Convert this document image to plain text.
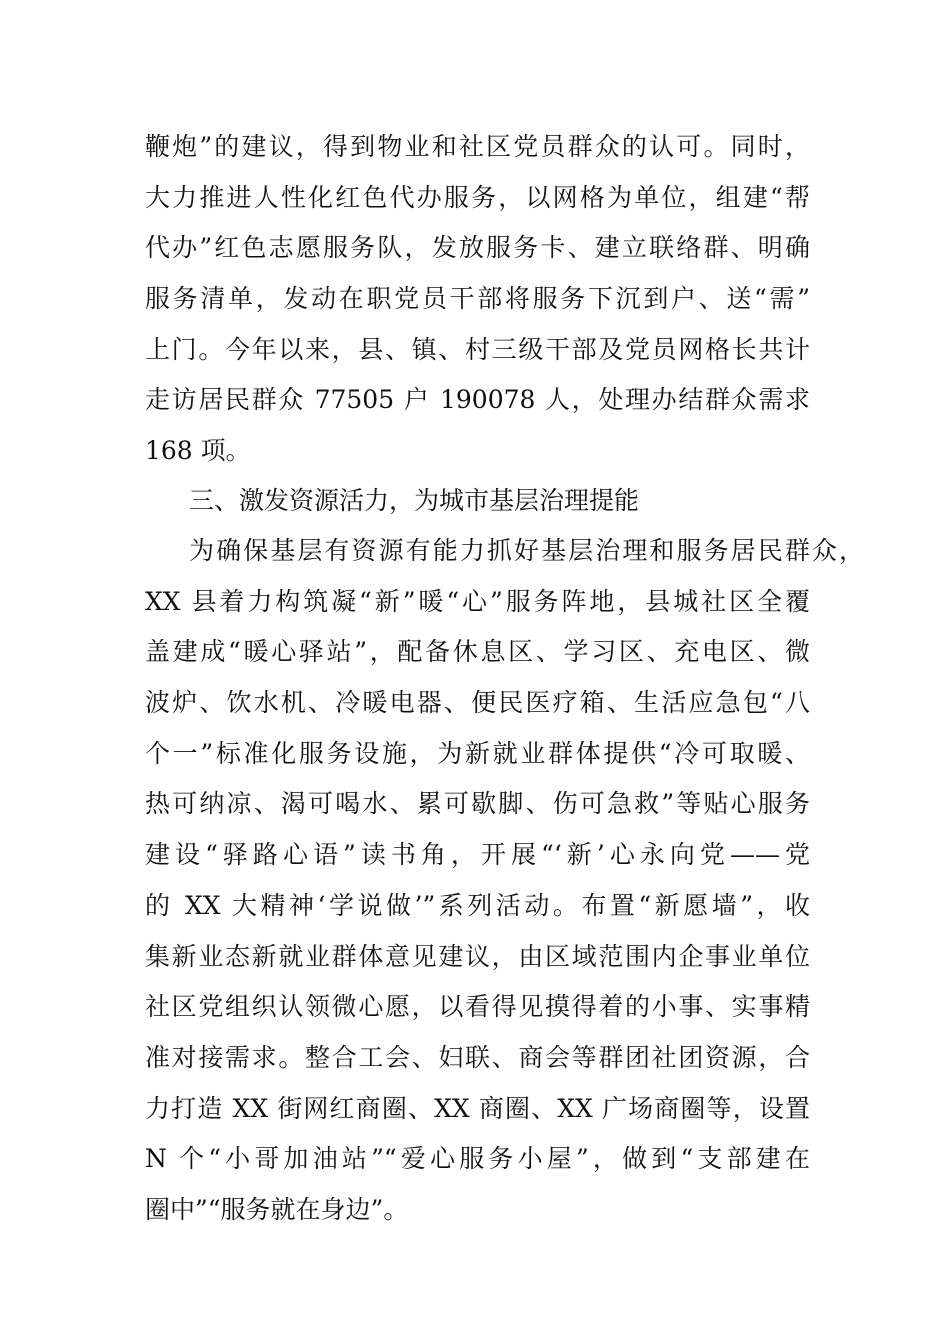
鞭炮”的建议，得到物业和社区党员群众的认可。同时，
大力推进人性化红色代办服务，以网格为单位，组建“帮
代办”红色志愿服务队，发放服务卡、建立联络群、明确
服务清单，发动在职党员干部将服务下沉到户、送“需”
上门。今年以来，县、镇、村三级干部及党员网格长共计
走访居民群众 77505 户 190078 人，处理办结群众需求
168 项。
三、激发资源活力，为城市基层治理提能
为确保基层有资源有能力抓好基层治理和服务居民群众，
XX 县着力构筑凝“新”暖“心”服务阵地，县城社区全覆
盖建成“暖心驿站”，配备休息区、学习区、充电区、微
波炉、饮水机、冷暖电器、便民医疗箱、生活应急包“八
个一”标准化服务设施，为新就业群体提供“冷可取暖、
热可纳凉、渴可喝水、累可歇脚、伤可急救”等贴心服务
建设“驿路心语”读书角，开展“‘新’心永向党——党
的 XX 大精神‘学说做’”系列活动。布置“新愿墙”，收
集新业态新就业群体意见建议，由区域范围内企事业单位
社区党组织认领微心愿，以看得见摸得着的小事、实事精
准对接需求。整合工会、妇联、商会等群团社团资源，合
力打造 XX 街网红商圈、XX 商圈、XX 广场商圈等，设置
N 个“小哥加油站”“爱心服务小屋”，做到“支部建在
圈中”“服务就在身边”。
